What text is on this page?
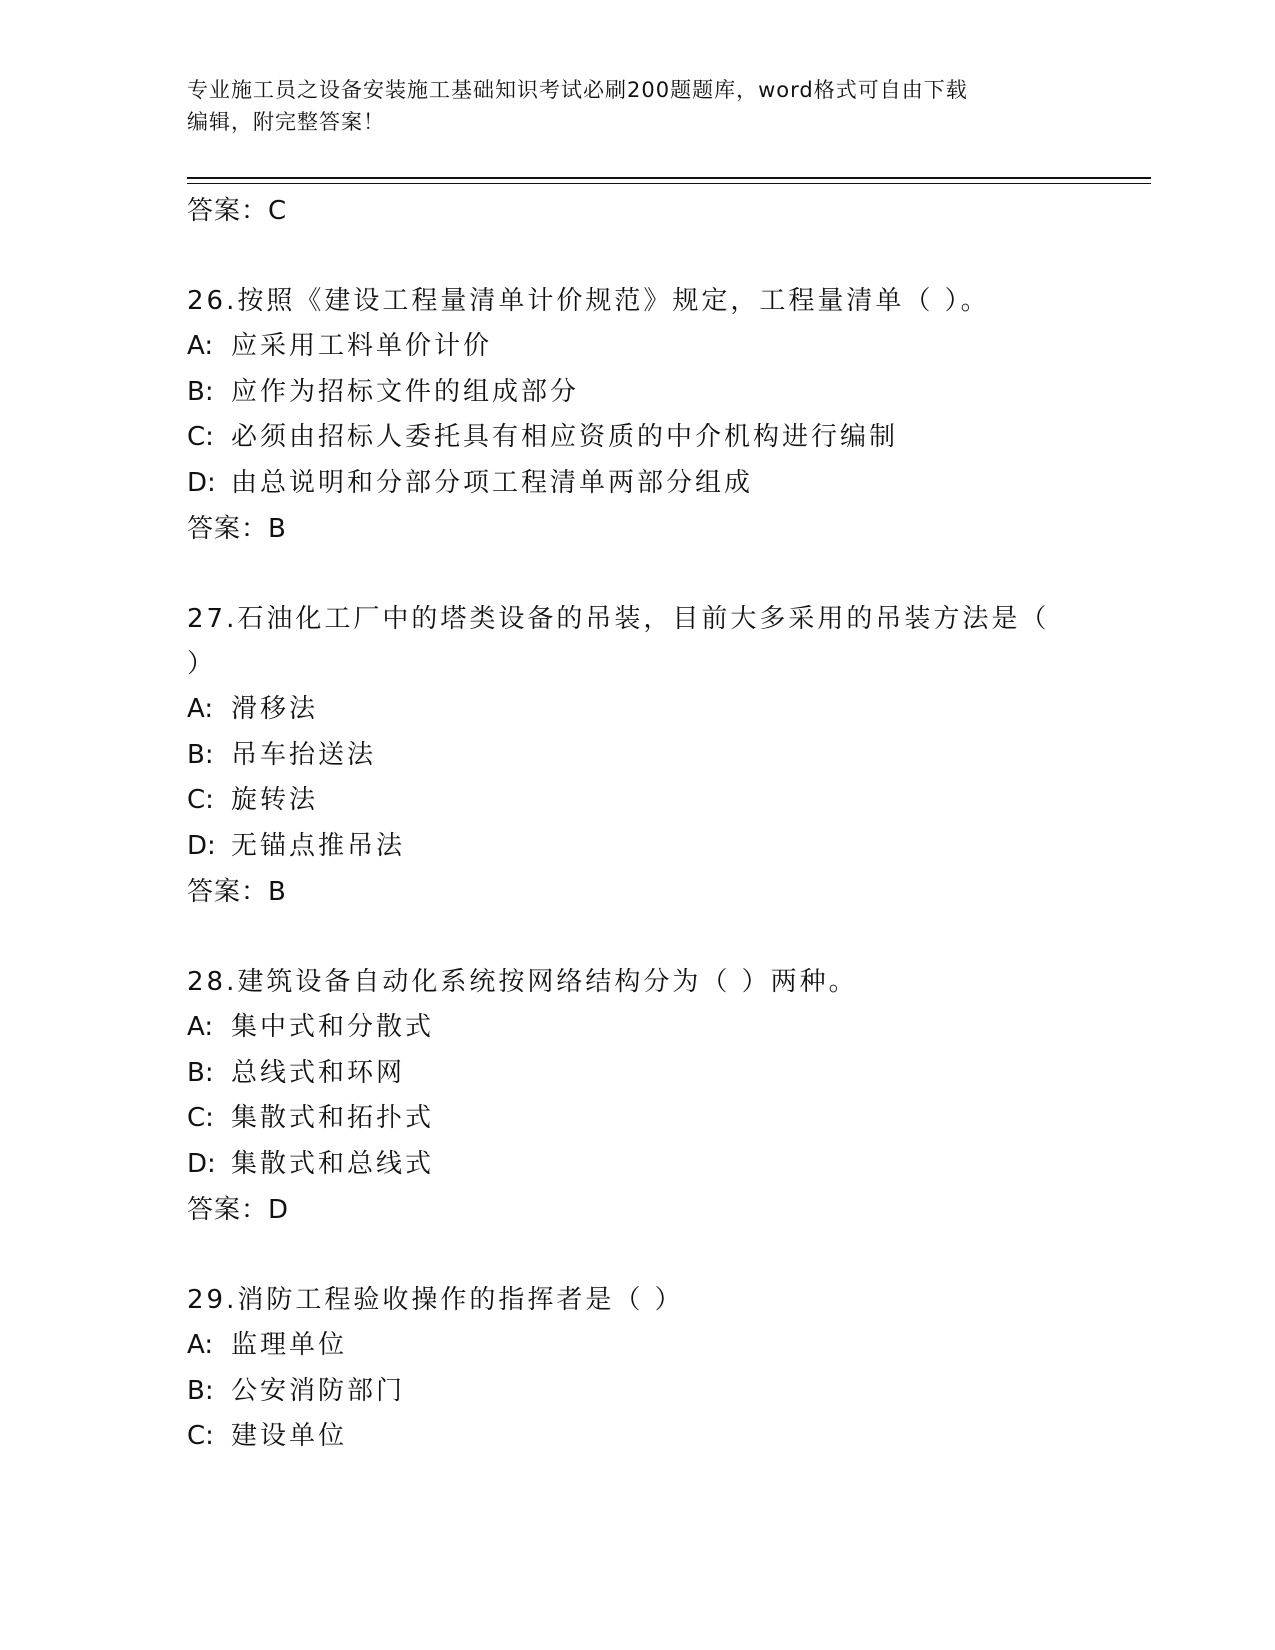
专业施工员之设备安装施工基础知识考试必刷200题题库，word格式可自由下载
编辑，附完整答案！
答案：C
26.按照《建设工程量清单计价规范》规定，工程量清单（ ）。
A: 应采用工料单价计价
B: 应作为招标文件的组成部分
C: 必须由招标人委托具有相应资质的中介机构进行编制
D: 由总说明和分部分项工程清单两部分组成
答案：B
27.石油化工厂中的塔类设备的吊装，目前大多采用的吊装方法是（
）
A: 滑移法
B: 吊车抬送法
C: 旋转法
D: 无锚点推吊法
答案：B
28.建筑设备自动化系统按网络结构分为（ ）两种。
A: 集中式和分散式
B: 总线式和环网
C: 集散式和拓扑式
D: 集散式和总线式
答案：D
29.消防工程验收操作的指挥者是（ ）
A: 监理单位
B: 公安消防部门
C: 建设单位
